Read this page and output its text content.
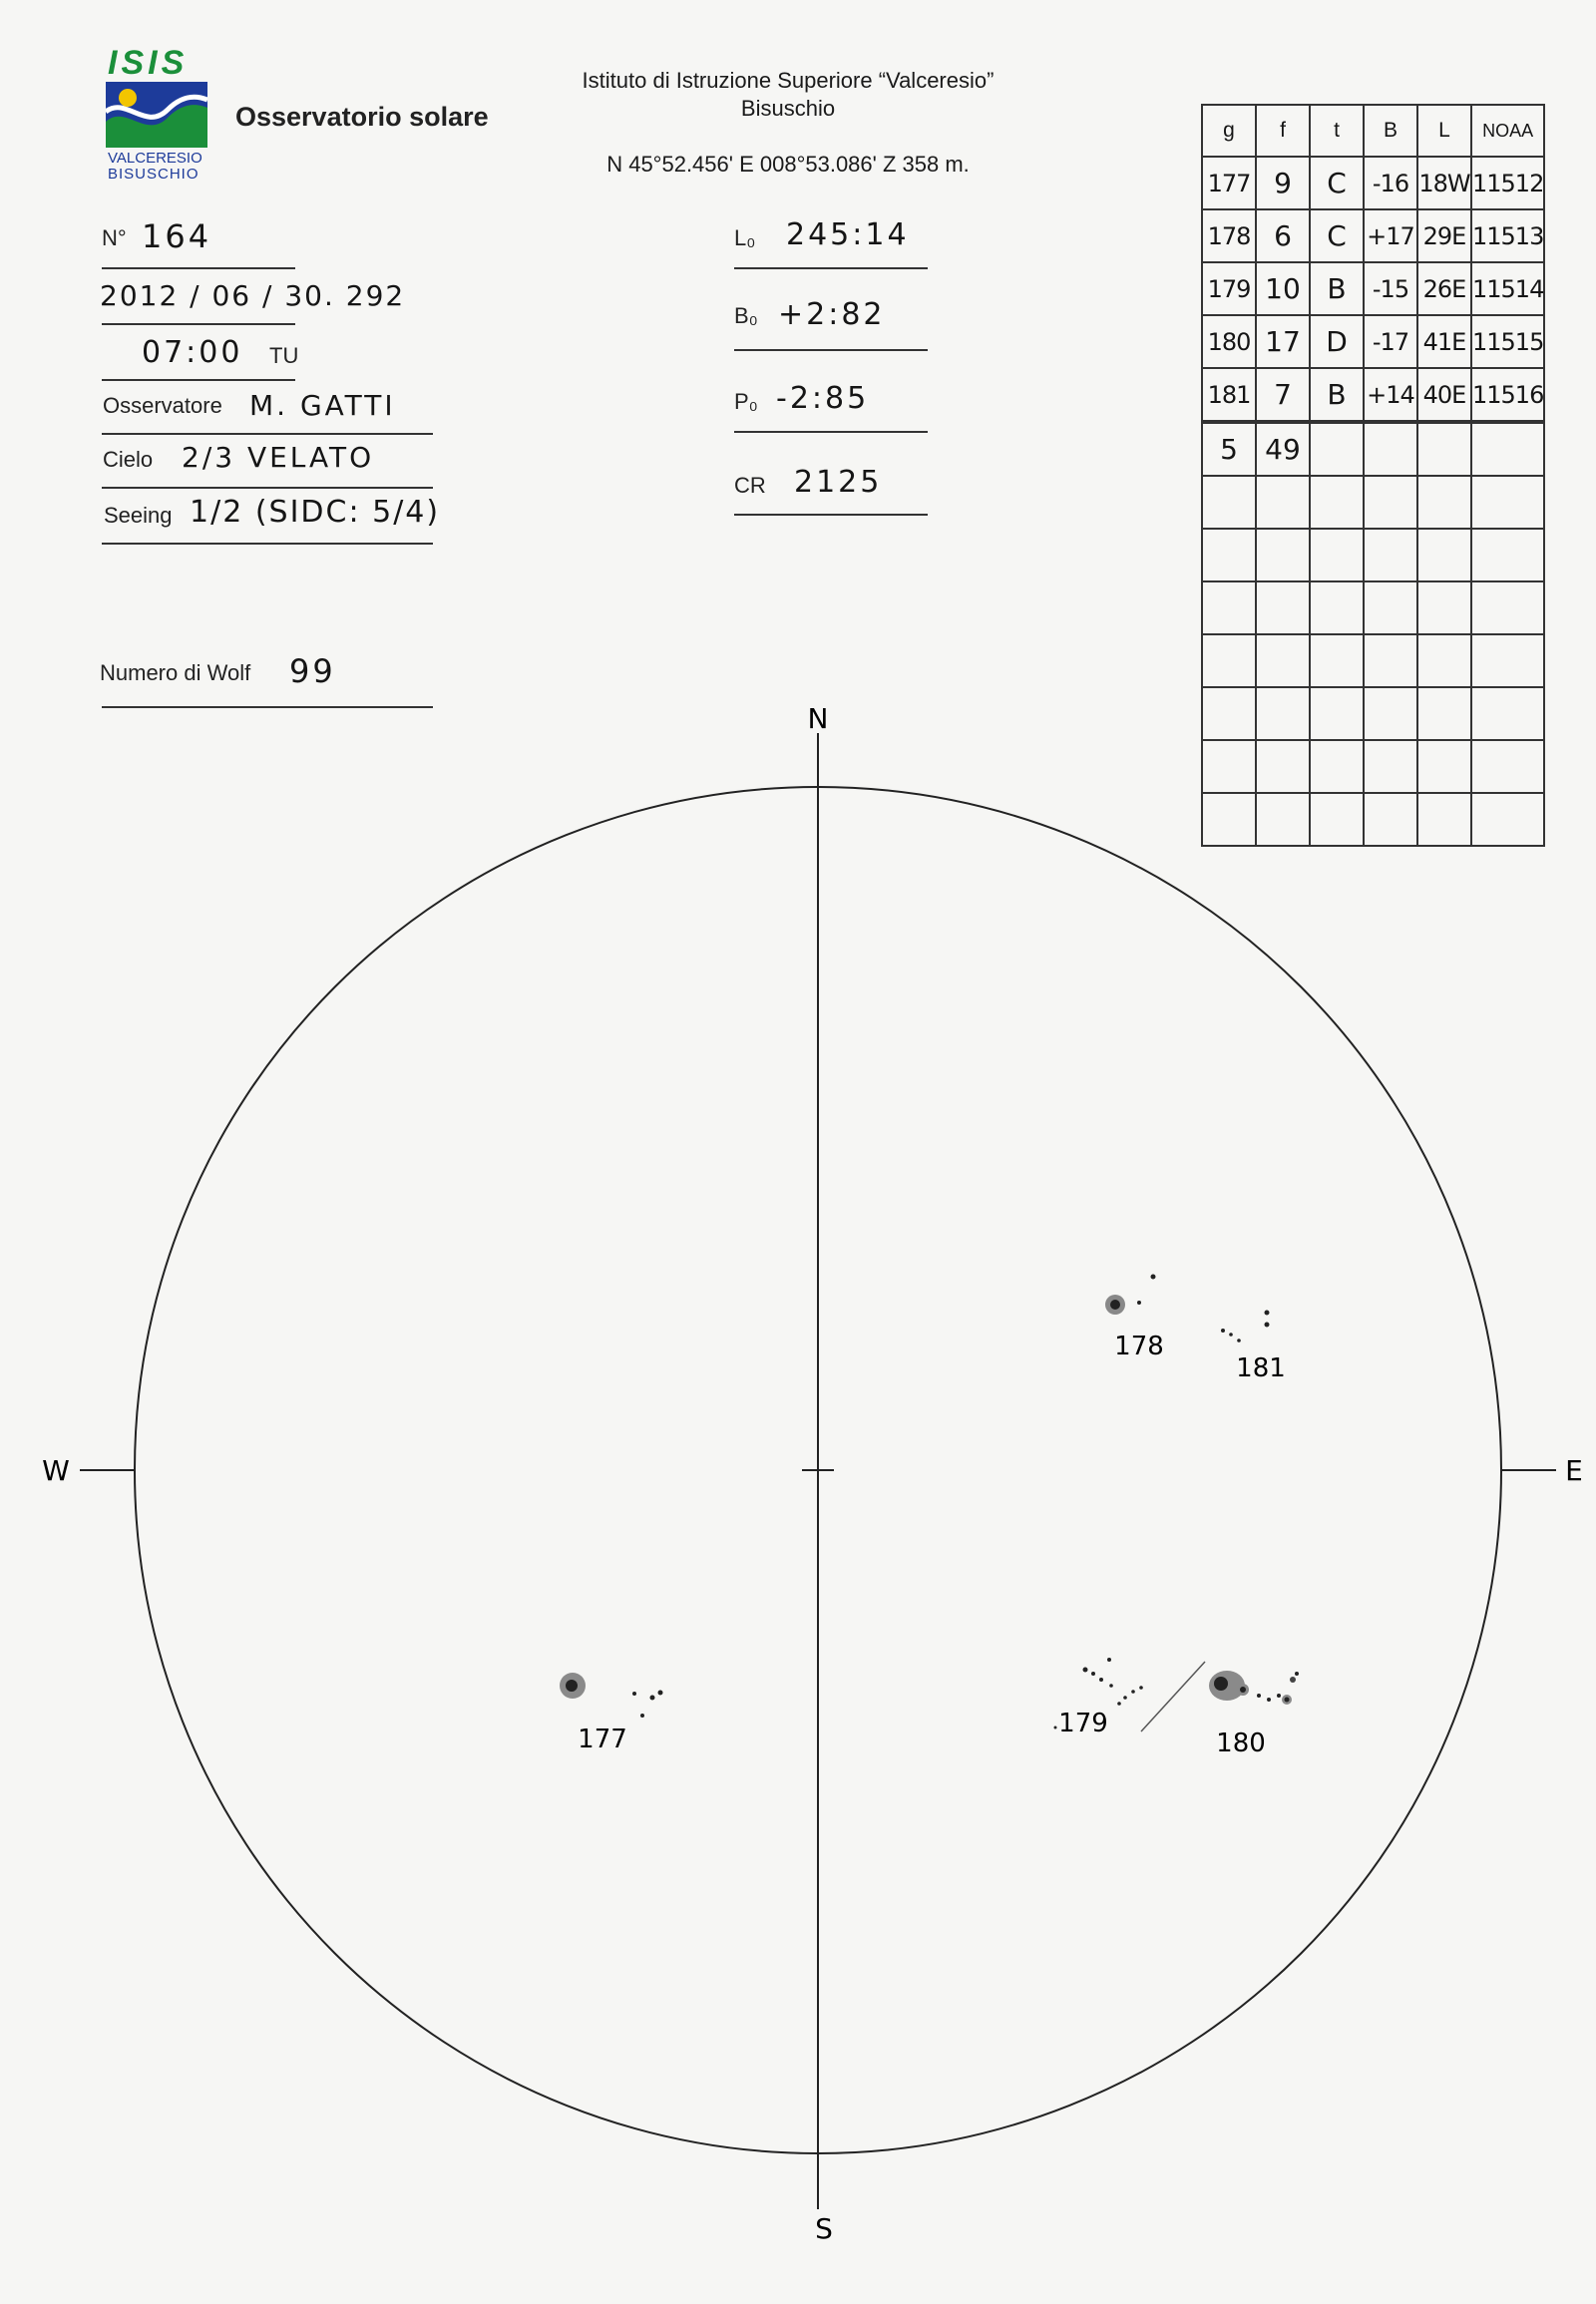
ISIS
VALCERESIO
BISUSCHIO
Osservatorio solare
Istituto di Istruzione Superiore “Valceresio”
Bisuschio
N 45°52.456' E 008°53.086' Z 358 m.
N° 164
2012 / 06 / 30. 292
07:00 TU
Osservatore M. GATTI
Cielo 2/3 VELATO
Seeing 1/2 (SIDC: 5/4)
Numero di Wolf 99
L₀ 245:14
B₀ +2:82
P₀ -2:85
CR 2125
g	f	t	B	L	NOAA
177	9	C	-16	18W	11512
178	6	C	+17	29E	11513
179	10	B	-15	26E	11514
180	17	D	-17	41E	11515
181	7	B	+14	40E	11516
5	49				

N
S
W	E
178
181
177
179
180
